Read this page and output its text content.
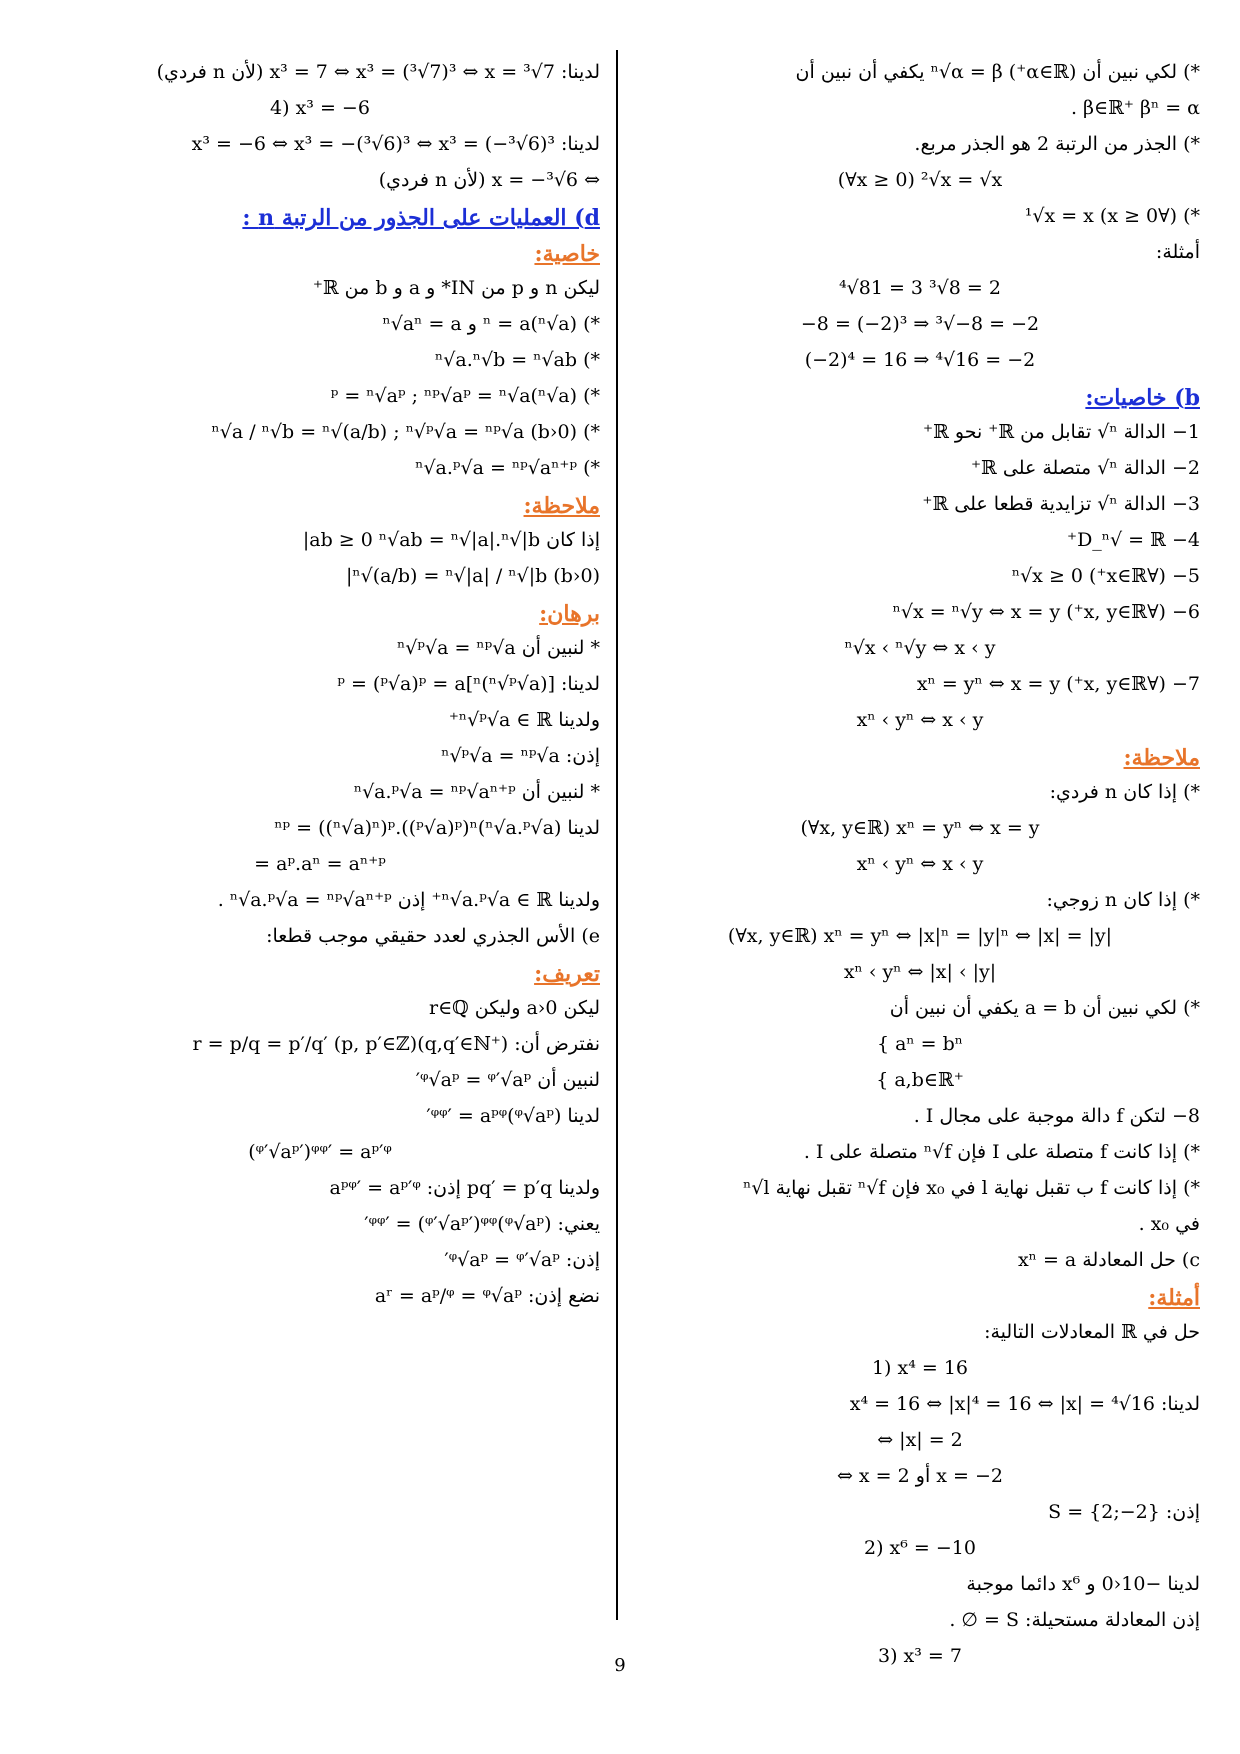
*) لكي نبين أن (α∈ℝ⁺) ⁿ√α = β يكفي أن نبين أن
β∈ℝ⁺ βⁿ = α .
*) الجذر من الرتبة 2 هو الجذر مربع.
(∀x ≥ 0) ²√x = √x
*) (∀x ≥ 0) ¹√x = x
أمثلة:
⁴√81 = 3 ³√8 = 2
−8 = (−2)³ ⇒ ³√−8 = −2
(−2)⁴ = 16 ⇒ ⁴√16 = −2
b) خاصيات:
1− الدالة ⁿ√ تقابل من ℝ⁺ نحو ℝ⁺
2− الدالة ⁿ√ متصلة على ℝ⁺
3− الدالة ⁿ√ تزايدية قطعا على ℝ⁺
4− D_ⁿ√ = ℝ⁺
5− (∀x∈ℝ⁺) ⁿ√x ≥ 0
6− (∀x, y∈ℝ⁺) ⁿ√x = ⁿ√y ⇔ x = y
ⁿ√x ‹ ⁿ√y ⇔ x ‹ y
7− (∀x, y∈ℝ⁺) xⁿ = yⁿ ⇔ x = y
xⁿ ‹ yⁿ ⇔ x ‹ y
ملاحظة:
*) إذا كان n فردي:
(∀x, y∈ℝ) xⁿ = yⁿ ⇔ x = y
xⁿ ‹ yⁿ ⇔ x ‹ y
*) إذا كان n زوجي:
(∀x, y∈ℝ) xⁿ = yⁿ ⇔ |x|ⁿ = |y|ⁿ ⇔ |x| = |y|
xⁿ ‹ yⁿ ⇔ |x| ‹ |y|
*) لكي نبين أن a = b يكفي أن نبين أن
{ aⁿ = bⁿ
{ a,b∈ℝ⁺
8− لتكن f دالة موجبة على مجال I .
*) إذا كانت f متصلة على I فإن ⁿ√f متصلة على I .
*) إذا كانت f ب تقبل نهاية l في x₀ فإن ⁿ√f تقبل نهاية ⁿ√l
في x₀ .
c) حل المعادلة xⁿ = a
أمثلة:
حل في ℝ المعادلات التالية:
1) x⁴ = 16
لدينا: x⁴ = 16 ⇔ |x|⁴ = 16 ⇔ |x| = ⁴√16
⇔ |x| = 2
⇔ x = 2 أو x = −2
إذن: S = {2;−2}
2) x⁶ = −10
لدينا −10‹0 و x⁶ دائما موجبة
إذن المعادلة مستحيلة: S = ∅ .
3) x³ = 7
لدينا: x³ = 7 ⇔ x³ = (³√7)³ ⇔ x = ³√7 (لأن n فردي)
4) x³ = −6
لدينا: x³ = −6 ⇔ x³ = −(³√6)³ ⇔ x³ = (−³√6)³
⇔ x = −³√6 (لأن n فردي)
d) العمليات على الجذور من الرتبة n :
خاصية:
ليكن n و p من IN* و a و b من ℝ⁺
*) (ⁿ√a)ⁿ = a و ⁿ√aⁿ = a
*) ⁿ√a.ⁿ√b = ⁿ√ab
*) (ⁿ√a)ᵖ = ⁿ√aᵖ ; ⁿᵖ√aᵖ = ⁿ√a
*) (b›0) ⁿ√a / ⁿ√b = ⁿ√(a/b) ; ⁿ√ᵖ√a = ⁿᵖ√a
*) ⁿ√a.ᵖ√a = ⁿᵖ√aⁿ⁺ᵖ
ملاحظة:
إذا كان ab ≥ 0 ⁿ√ab = ⁿ√|a|.ⁿ√|b|
(b›0) ⁿ√(a/b) = ⁿ√|a| / ⁿ√|b|
برهان:
* لنبين أن ⁿ√ᵖ√a = ⁿᵖ√a
لدينا: [(ⁿ√ᵖ√a)ⁿ]ᵖ = (ᵖ√a)ᵖ = a
ولدينا ⁿ√ᵖ√a ∈ ℝ⁺
إذن: ⁿ√ᵖ√a = ⁿᵖ√a
* لنبين أن ⁿ√a.ᵖ√a = ⁿᵖ√aⁿ⁺ᵖ
لدينا (ⁿ√a.ᵖ√a)ⁿᵖ = ((ⁿ√a)ⁿ)ᵖ.((ᵖ√a)ᵖ)ⁿ
= aᵖ.aⁿ = aⁿ⁺ᵖ
ولدينا ⁿ√a.ᵖ√a ∈ ℝ⁺ إذن ⁿ√a.ᵖ√a = ⁿᵖ√aⁿ⁺ᵖ .
e) الأس الجذري لعدد حقيقي موجب قطعا:
تعريف:
ليكن a›0 وليكن r∈ℚ
نفترض أن: r = p/q = p′/q′ (p, p′∈ℤ)(q,q′∈ℕ⁺)
لنبين أن ᵠ√aᵖ = ᵠ′√aᵖ′
لدينا (ᵠ√aᵖ)ᵠᵠ′ = aᵖᵠ′
(ᵠ′√aᵖ′)ᵠᵠ′ = aᵖ′ᵠ
ولدينا pq′ = p′q إذن: aᵖᵠ′ = aᵖ′ᵠ
يعني: (ᵠ√aᵖ)ᵠᵠ′ = (ᵠ′√aᵖ′)ᵠᵠ′
إذن: ᵠ√aᵖ = ᵠ′√aᵖ′
نضع إذن: aʳ = aᵖ/ᵠ = ᵠ√aᵖ
9
